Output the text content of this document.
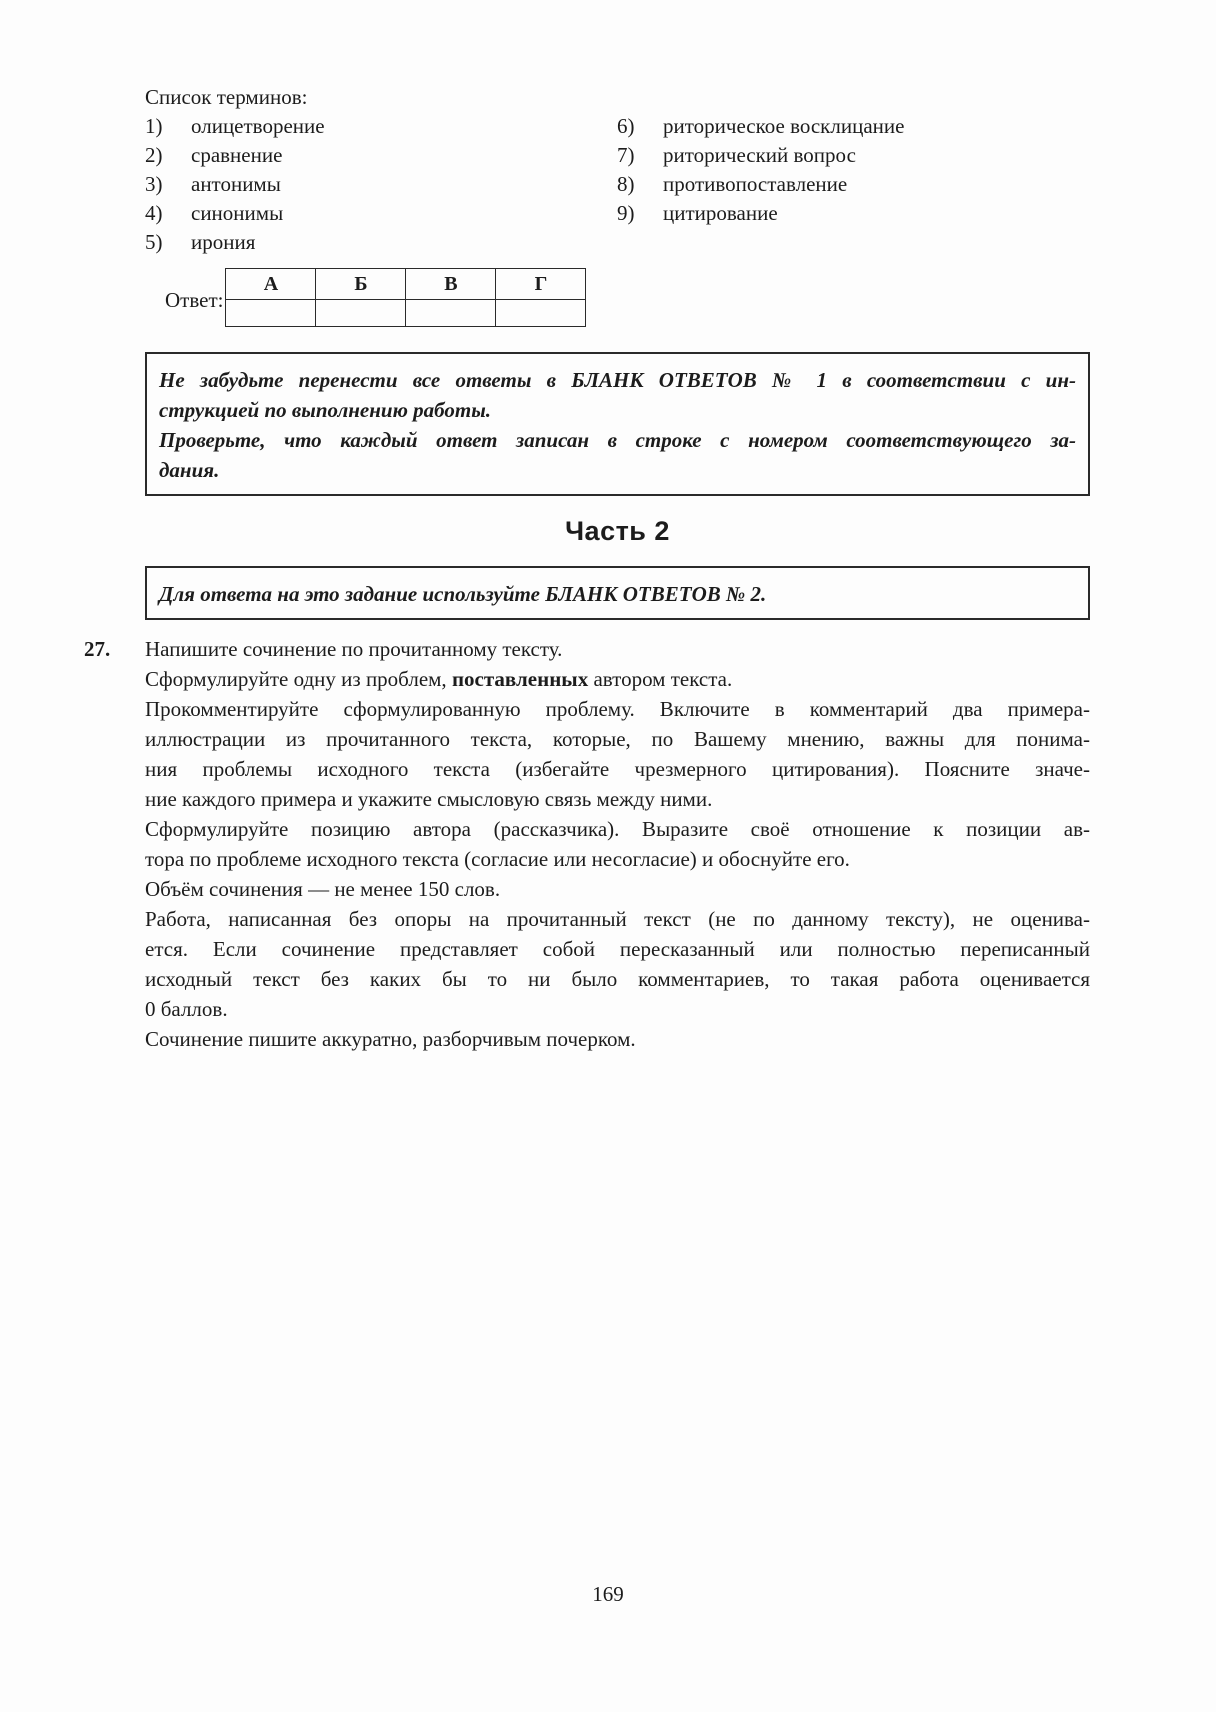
Список терминов:
1)	олицетворение
2)	сравнение
3)	антонимы
4)	синонимы
5)	ирония
6)	риторическое восклицание
7)	риторический вопрос
8)	противопоставление
9)	цитирование
Ответ:
А	Б	В	Г

Не забудьте перенести все ответы в БЛАНК ОТВЕТОВ № 1 в соответствии с ин-
струкцией по выполнению работы.
Проверьте, что каждый ответ записан в строке с номером соответствующего за-
дания.
Часть 2
Для ответа на это задание используйте БЛАНК ОТВЕТОВ № 2.
27. Напишите сочинение по прочитанному тексту.
Сформулируйте одну из проблем, поставленных автором текста.
Прокомментируйте сформулированную проблему. Включите в комментарий два примера-
иллюстрации из прочитанного текста, которые, по Вашему мнению, важны для понима-
ния проблемы исходного текста (избегайте чрезмерного цитирования). Поясните значе-
ние каждого примера и укажите смысловую связь между ними.
Сформулируйте позицию автора (рассказчика). Выразите своё отношение к позиции ав-
тора по проблеме исходного текста (согласие или несогласие) и обоснуйте его.
Объём сочинения — не менее 150 слов.
Работа, написанная без опоры на прочитанный текст (не по данному тексту), не оценива-
ется. Если сочинение представляет собой пересказанный или полностью переписанный
исходный текст без каких бы то ни было комментариев, то такая работа оценивается
0 баллов.
Сочинение пишите аккуратно, разборчивым почерком.
169
